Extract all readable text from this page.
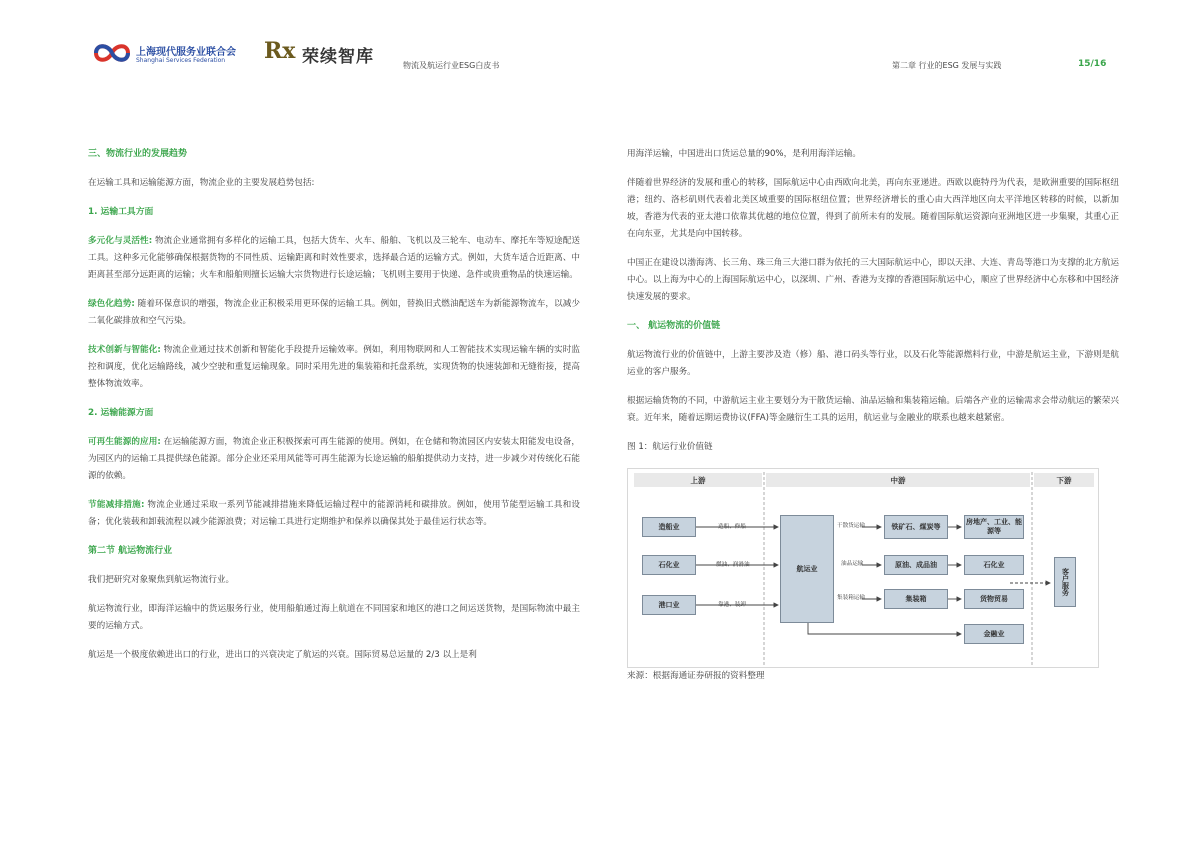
上海现代服务业联合会
Shanghai Services Federation Rx 荣续智库	物流及航运行业ESG白皮书	第二章 行业的ESG 发展与实践	15/16
三、物流行业的发展趋势

在运输工具和运输能源方面，物流企业的主要发展趋势包括:

1. 运输工具方面

多元化与灵活性: 物流企业通常拥有多样化的运输工具，包括大货车、火车、船舶、飞机以及三轮车、电动车、摩托车等短途配送工具。这种多元化能够确保根据货物的不同性质、运输距离和时效性要求，选择最合适的运输方式。例如，大货车适合近距离、中距离甚至部分远距离的运输；火车和船舶则擅长运输大宗货物进行长途运输；飞机则主要用于快递、急件或贵重物品的快速运输。

绿色化趋势: 随着环保意识的增强，物流企业正积极采用更环保的运输工具。例如，替换旧式燃油配送车为新能源物流车，以减少二氧化碳排放和空气污染。

技术创新与智能化: 物流企业通过技术创新和智能化手段提升运输效率。例如，利用物联网和人工智能技术实现运输车辆的实时监控和调度，优化运输路线，减少空驶和重复运输现象。同时采用先进的集装箱和托盘系统，实现货物的快速装卸和无缝衔接，提高整体物流效率。

2. 运输能源方面

可再生能源的应用: 在运输能源方面，物流企业正积极探索可再生能源的使用。例如，在仓储和物流园区内安装太阳能发电设备，为园区内的运输工具提供绿色能源。部分企业还采用风能等可再生能源为长途运输的船舶提供动力支持，进一步减少对传统化石能源的依赖。

节能减排措施: 物流企业通过采取一系列节能减排措施来降低运输过程中的能源消耗和碳排放。例如，使用节能型运输工具和设备；优化装载和卸载流程以减少能源浪费；对运输工具进行定期维护和保养以确保其处于最佳运行状态等。

第二节 航运物流行业

我们把研究对象聚焦到航运物流行业。

航运物流行业，即海洋运输中的货运服务行业，使用船舶通过海上航道在不同国家和地区的港口之间运送货物，是国际物流中最主要的运输方式。

航运是一个极度依赖进出口的行业，进出口的兴衰决定了航运的兴衰。国际贸易总运量的 2/3 以上是利

用海洋运输，中国进出口货运总量的90%，是利用海洋运输。

伴随着世界经济的发展和重心的转移，国际航运中心由西欧向北美，再向东亚递进。西欧以鹿特丹为代表，是欧洲重要的国际枢纽港；纽约、洛杉矶则代表着北美区域重要的国际枢纽位置；世界经济增长的重心由大西洋地区向太平洋地区转移的时候，以新加坡，香港为代表的亚太港口依靠其优越的地位位置，得到了前所未有的发展。随着国际航运资源向亚洲地区进一步集聚，其重心正在向东亚，尤其是向中国转移。

中国正在建设以渤海湾、长三角、珠三角三大港口群为依托的三大国际航运中心，即以天津、大连、青岛等港口为支撑的北方航运中心。以上海为中心的上海国际航运中心，以深圳、广州、香港为支撑的香港国际航运中心，顺应了世界经济中心东移和中国经济快速发展的要求。

一、 航运物流的价值链

航运物流行业的价值链中，上游主要涉及造（修）船、港口码头等行业，以及石化等能源燃料行业，中游是航运主业，下游则是航运业的客户服务。

根据运输货物的不同，中游航运主业主要划分为干散货运输、油品运输和集装箱运输。后端各产业的运输需求会带动航运的繁荣兴衰。近年来，随着远期运费协议(FFA)等金融衍生工具的运用，航运业与金融业的联系也越来越紧密。

图 1：航运行业价值链

上游	中游	下游
造船业
石化业
港口业
造船、修船
燃油、润滑油
靠港、装卸
航运业
干散货运输
油品运输
集装箱运输
铁矿石、煤炭等
原油、成品油
集装箱
房地产、工业、能源等
石化业
货物贸易
金融业
客户服务

来源：根据海通证券研报的资料整理
